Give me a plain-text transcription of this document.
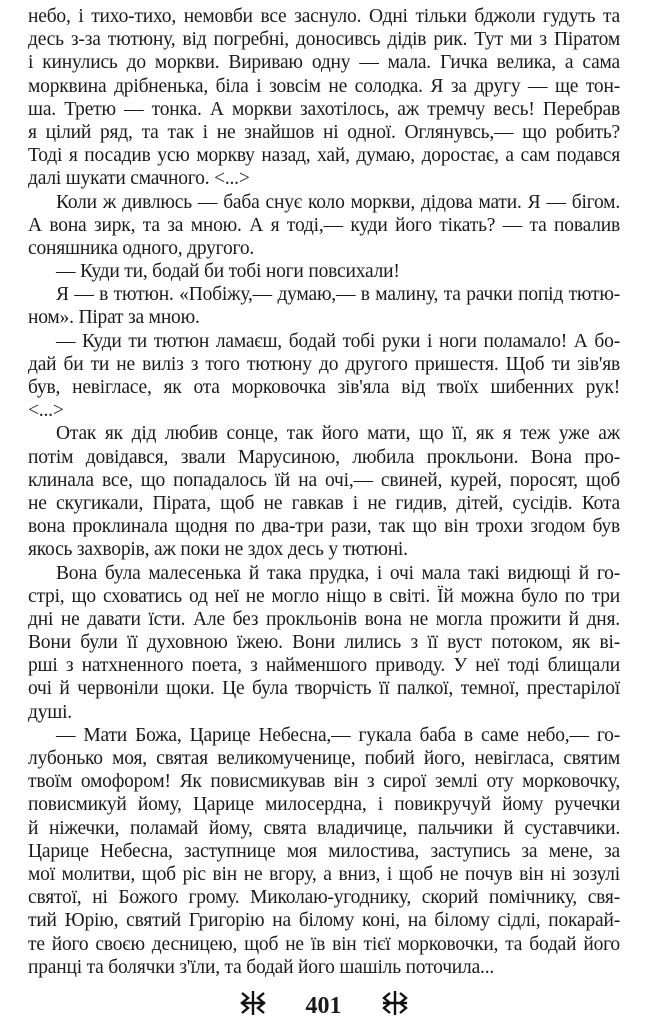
небо, і тихо-тихо, немовби все заснуло. Одні тільки бджоли гудуть та
десь з-за тютюну, від погребні, доносивсь дідів рик. Тут ми з Піратом
і кинулись до моркви. Вириваю одну — мала. Гичка велика, а сама
морквина дрібненька, біла і зовсім не солодка. Я за другу — ще тон-
ша. Третю — тонка. А моркви захотілось, аж тремчу весь! Перебрав
я цілий ряд, та так і не знайшов ні одної. Оглянувсь,— що робить?
Тоді я посадив усю моркву назад, хай, думаю, доростає, а сам подався
далі шукати смачного. <...>
Коли ж дивлюсь — баба снує коло моркви, дідова мати. Я — бігом.
А вона зирк, та за мною. А я тоді,— куди його тікать? — та повалив
соняшника одного, другого.
— Куди ти, бодай би тобі ноги повсихали!
Я — в тютюн. «Побіжу,— думаю,— в малину, та рачки попід тютю-
ном». Пірат за мною.
— Куди ти тютюн ламаєш, бодай тобі руки і ноги поламало! А бо-
дай би ти не виліз з того тютюну до другого пришестя. Щоб ти зів'яв
був, невігласе, як ота морковочка зів'яла від твоїх шибенних рук!
<...>
Отак як дід любив сонце, так його мати, що її, як я теж уже аж
потім довідався, звали Марусиною, любила прокльони. Вона про-
клинала все, що попадалось їй на очі,— свиней, курей, поросят, щоб
не скугикали, Пірата, щоб не гавкав і не гидив, дітей, сусідів. Кота
вона проклинала щодня по два-три рази, так що він трохи згодом був
якось захворів, аж поки не здох десь у тютюні.
Вона була малесенька й така прудка, і очі мала такі видющі й го-
стрі, що сховатись од неї не могло ніщо в світі. Їй можна було по три
дні не давати їсти. Але без прокльонів вона не могла прожити й дня.
Вони були її духовною їжею. Вони лились з її вуст потоком, як ві-
рші з натхненного поета, з найменшого приводу. У неї тоді блищали
очі й червоніли щоки. Це була творчість її палкої, темної, престарілої
душі.
— Мати Божа, Царице Небесна,— гукала баба в саме небо,— го-
лубонько моя, святая великомученице, побий його, невігласа, святим
твоїм омофором! Як повисмикував він з сирої землі оту морковочку,
повисмикуй йому, Царице милосердна, і повикручуй йому ручечки
й ніжечки, поламай йому, свята владичице, пальчики й суставчики.
Царице Небесна, заступнице моя милостива, заступись за мене, за
мої молитви, щоб ріс він не вгору, а вниз, і щоб не почув він ні зозулі
святої, ні Божого грому. Миколаю-угоднику, скорий помічнику, свя-
тий Юрію, святий Григорію на білому коні, на білому сідлі, покарай-
те його своєю десницею, щоб не їв він тієї морковочки, та бодай його
пранці та болячки з'їли, та бодай його шашіль поточила...
401
